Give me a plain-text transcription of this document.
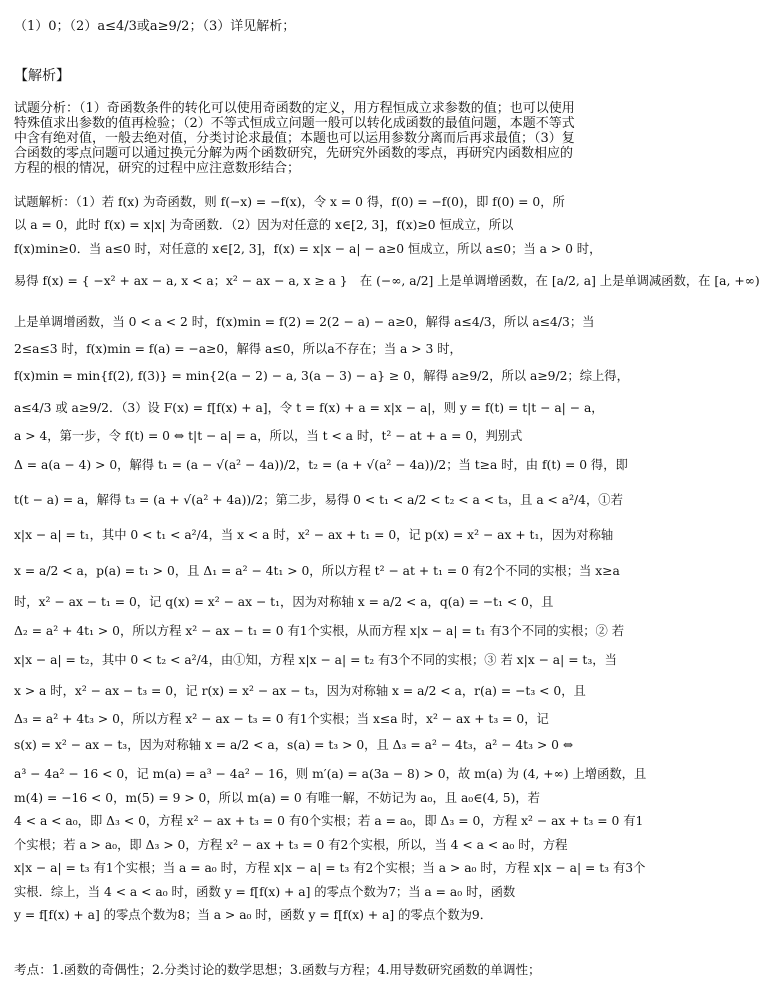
（1）0；（2）a≤4/3或a≥9/2；（3）详见解析；
【解析】
试题分析：（1）奇函数条件的转化可以使用奇函数的定义，用方程恒成立求参数的值；也可以使用
特殊值求出参数的值再检验；（2）不等式恒成立问题一般可以转化成函数的最值问题，本题不等式
中含有绝对值，一般去绝对值，分类讨论求最值；本题也可以运用参数分离而后再求最值；（3）复
合函数的零点问题可以通过换元分解为两个函数研究，先研究外函数的零点，再研究内函数相应的
方程的根的情况，研究的过程中应注意数形结合；
试题解析：（1）若 f(x) 为奇函数，则 f(−x) = −f(x)，令 x = 0 得，f(0) = −f(0)，即 f(0) = 0，所
以 a = 0，此时 f(x) = x|x| 为奇函数．（2）因为对任意的 x∈[2, 3]，f(x)≥0 恒成立，所以
f(x)min≥0．当 a≤0 时，对任意的 x∈[2, 3]，f(x) = x|x − a| − a≥0 恒成立，所以 a≤0；当 a > 0 时，
易得 f(x) = { −x² + ax − a, x < a；x² − ax − a, x ≥ a }　在 (−∞, a/2] 上是单调增函数，在 [a/2, a] 上是单调减函数，在 [a, +∞)
上是单调增函数，当 0 < a < 2 时，f(x)min = f(2) = 2(2 − a) − a≥0，解得 a≤4/3，所以 a≤4/3；当
2≤a≤3 时，f(x)min = f(a) = −a≥0，解得 a≤0，所以a不存在；当 a > 3 时，
f(x)min = min{f(2), f(3)} = min{2(a − 2) − a, 3(a − 3) − a} ≥ 0，解得 a≥9/2，所以 a≥9/2；综上得，
a≤4/3 或 a≥9/2．（3）设 F(x) = f[f(x) + a]，令 t = f(x) + a = x|x − a|，则 y = f(t) = t|t − a| − a，
a > 4，第一步，令 f(t) = 0 ⇔ t|t − a| = a，所以，当 t < a 时，t² − at + a = 0，判别式
Δ = a(a − 4) > 0，解得 t₁ = (a − √(a² − 4a))/2，t₂ = (a + √(a² − 4a))/2；当 t≥a 时，由 f(t) = 0 得，即
t(t − a) = a，解得 t₃ = (a + √(a² + 4a))/2；第二步，易得 0 < t₁ < a/2 < t₂ < a < t₃，且 a < a²/4，①若
x|x − a| = t₁，其中 0 < t₁ < a²/4，当 x < a 时，x² − ax + t₁ = 0，记 p(x) = x² − ax + t₁，因为对称轴
x = a/2 < a，p(a) = t₁ > 0，且 Δ₁ = a² − 4t₁ > 0，所以方程 t² − at + t₁ = 0 有2个不同的实根；当 x≥a
时，x² − ax − t₁ = 0，记 q(x) = x² − ax − t₁，因为对称轴 x = a/2 < a，q(a) = −t₁ < 0，且
Δ₂ = a² + 4t₁ > 0，所以方程 x² − ax − t₁ = 0 有1个实根，从而方程 x|x − a| = t₁ 有3个不同的实根；② 若
x|x − a| = t₂，其中 0 < t₂ < a²/4，由①知，方程 x|x − a| = t₂ 有3个不同的实根；③ 若 x|x − a| = t₃，当
x > a 时，x² − ax − t₃ = 0，记 r(x) = x² − ax − t₃，因为对称轴 x = a/2 < a，r(a) = −t₃ < 0，且
Δ₃ = a² + 4t₃ > 0，所以方程 x² − ax − t₃ = 0 有1个实根；当 x≤a 时，x² − ax + t₃ = 0，记
s(x) = x² − ax − t₃，因为对称轴 x = a/2 < a，s(a) = t₃ > 0，且 Δ₃ = a² − 4t₃，a² − 4t₃ > 0 ⇔
a³ − 4a² − 16 < 0，记 m(a) = a³ − 4a² − 16，则 m′(a) = a(3a − 8) > 0，故 m(a) 为 (4, +∞) 上增函数，且
m(4) = −16 < 0，m(5) = 9 > 0，所以 m(a) = 0 有唯一解，不妨记为 a₀，且 a₀∈(4, 5)，若
4 < a < a₀，即 Δ₃ < 0，方程 x² − ax + t₃ = 0 有0个实根；若 a = a₀，即 Δ₃ = 0，方程 x² − ax + t₃ = 0 有1
个实根；若 a > a₀，即 Δ₃ > 0，方程 x² − ax + t₃ = 0 有2个实根，所以，当 4 < a < a₀ 时，方程
x|x − a| = t₃ 有1个实根；当 a = a₀ 时，方程 x|x − a| = t₃ 有2个实根；当 a > a₀ 时，方程 x|x − a| = t₃ 有3个
实根．综上，当 4 < a < a₀ 时，函数 y = f[f(x) + a] 的零点个数为7；当 a = a₀ 时，函数
y = f[f(x) + a] 的零点个数为8；当 a > a₀ 时，函数 y = f[f(x) + a] 的零点个数为9．
考点：1.函数的奇偶性；2.分类讨论的数学思想；3.函数与方程；4.用导数研究函数的单调性；
